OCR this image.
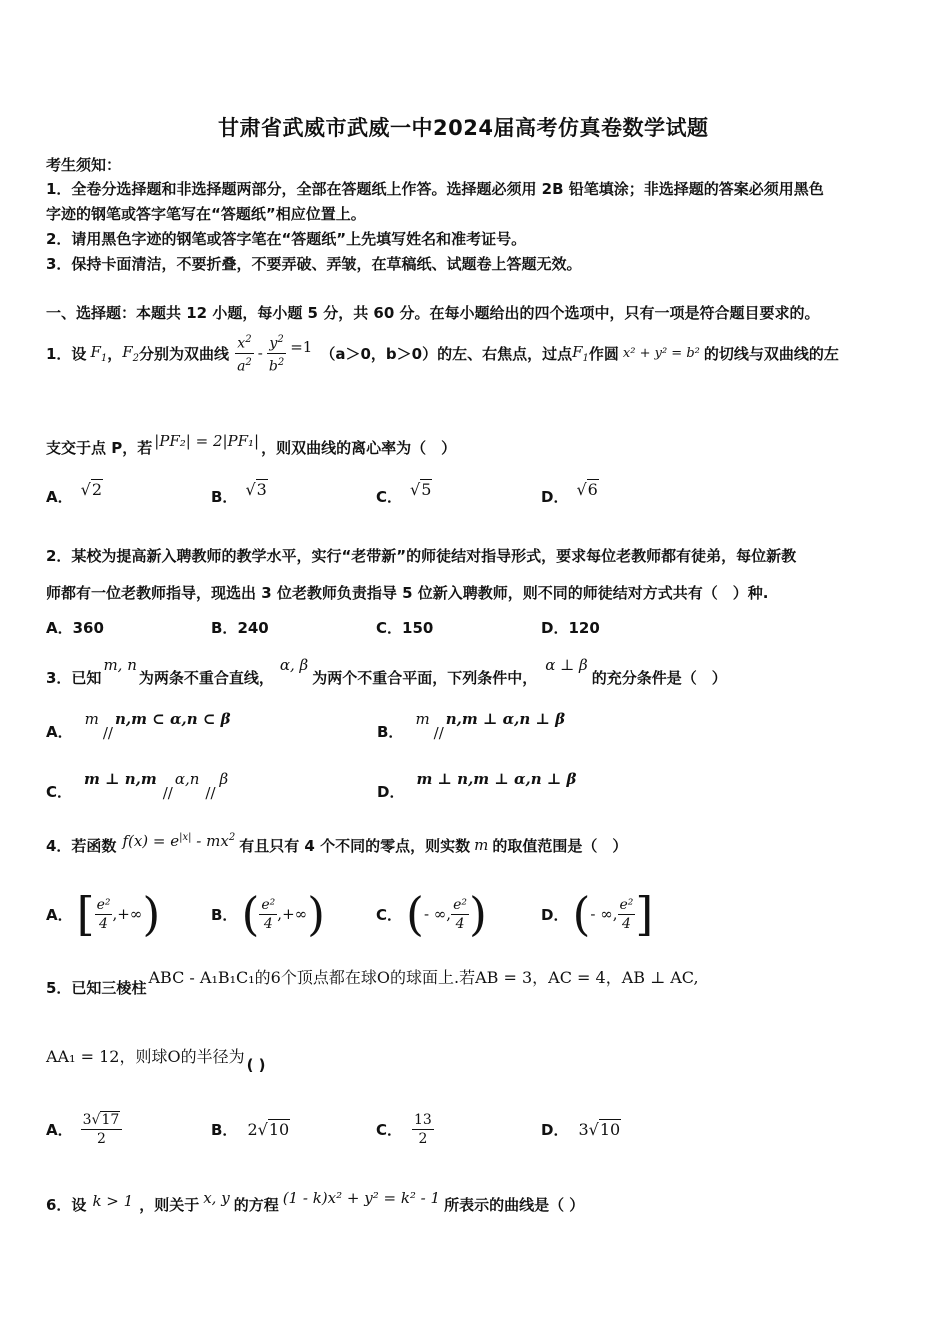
甘肃省武威市武威一中2024届高考仿真卷数学试题
考生须知：
1．全卷分选择题和非选择题两部分，全部在答题纸上作答。选择题必须用 2B 铅笔填涂；非选择题的答案必须用黑色
字迹的钢笔或答字笔写在“答题纸”相应位置上。
2．请用黑色字迹的钢笔或答字笔在“答题纸”上先填写姓名和准考证号。
3．保持卡面清洁，不要折叠，不要弄破、弄皱，在草稿纸、试题卷上答题无效。
一、选择题：本题共 12 小题，每小题 5 分，共 60 分。在每小题给出的四个选项中，只有一项是符合题目要求的。
1．设 $F_1$ ， $F_2$ 分别为双曲线 $\frac{x^2}{a^2} - \frac{y^2}{b^2} =1$ （a＞0，b＞0）的左、右焦点，过点 $F_1$ 作圆 x² + y² = b² 的切线与双曲线的左
支交于点 P，若 |PF₂| = 2|PF₁| ，则双曲线的离心率为（　）
A． √2	B． √3	C． √5	D． √6
2．某校为提高新入聘教师的教学水平，实行“老带新”的师徒结对指导形式，要求每位老教师都有徒弟，每位新教
师都有一位老教师指导，现选出 3 位老教师负责指导 5 位新入聘教师，则不同的师徒结对方式共有（　）种.
A．360	B．240	C．150	D．120
3．已知
m, n
为两条不重合直线，
α, β
为两个不重合平面，下列条件中，
α ⊥ β
的充分条件是（　）
A．
m
//
n,m ⊂ α,n ⊂ β
B．
m
//
n,m ⊥ α,n ⊥ β
C．
m ⊥ n,m
//
α,n
//
β
D．
m ⊥ n,m ⊥ α,n ⊥ β
4．若函数 $f(x) = e^{|x|} - mx^2$ 有且只有 4 个不同的零点，则实数 m 的取值范围是（　）
A． [ $\frac{\text{e²}}{4}$ ,+∞ )	B． ( $\frac{\text{e²}}{4}$ ,+∞ )	C． ( - ∞, $\frac{\text{e²}}{4}$ )	D． ( - ∞, $\frac{\text{e²}}{4}$ ]
5．已知三棱柱
ABC - A₁B₁C₁的6个顶点都在球O的球面上.若AB = 3，AC = 4，AB ⊥ AC,
AA₁ = 12，则球O的半径为 ( )
A． $\frac{3√17}{2}$	B． 2√10	C． $\frac{13}{2}$	D． 3√10
6．设 k > 1 ，则关于 x, y 的方程 (1 - k)x² + y² = k² - 1 所表示的曲线是（ ）
